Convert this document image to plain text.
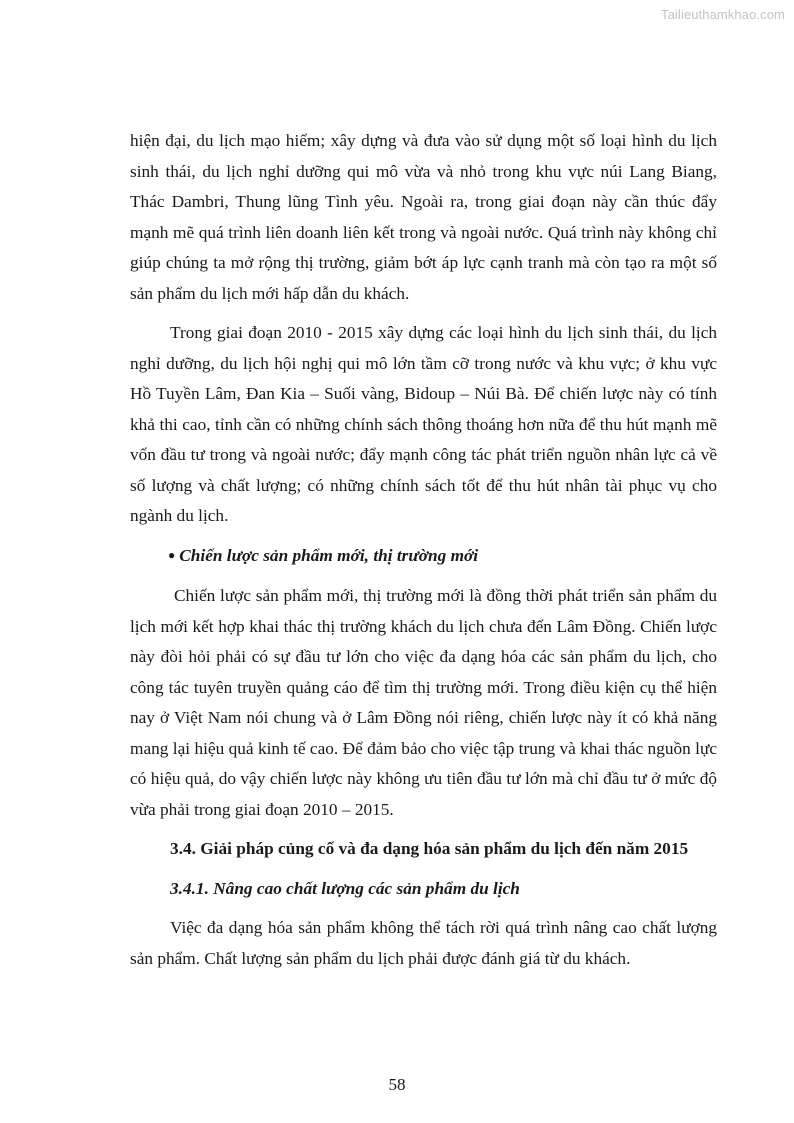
Tailieuthamkhao.com

hiện đại, du lịch mạo hiểm; xây dựng và đưa vào sử dụng một số loại hình du lịch sinh thái, du lịch nghỉ dưỡng qui mô vừa và nhỏ trong khu vực núi Lang Biang, Thác Dambri, Thung lũng Tình yêu. Ngoài ra, trong giai đoạn này cần thúc đẩy mạnh mẽ quá trình liên doanh liên kết trong và ngoài nước. Quá trình này không chỉ giúp chúng ta mở rộng thị trường, giảm bớt áp lực cạnh tranh mà còn tạo ra một số sản phẩm du lịch mới hấp dẫn du khách.

Trong giai đoạn 2010 - 2015 xây dựng các loại hình du lịch sinh thái, du lịch nghỉ dưỡng, du lịch hội nghị qui mô lớn tầm cỡ trong nước và khu vực; ở khu vực Hồ Tuyền Lâm, Đan Kia – Suối vàng, Bidoup – Núi Bà. Để chiến lược này có tính khả thi cao, tỉnh cần có những chính sách thông thoáng hơn nữa để thu hút mạnh mẽ vốn đầu tư trong và ngoài nước; đẩy mạnh công tác phát triển nguồn nhân lực cả về số lượng và chất lượng; có những chính sách tốt để thu hút nhân tài phục vụ cho ngành du lịch.

● Chiến lược sản phẩm mới, thị trường mới

Chiến lược sản phẩm mới, thị trường mới là đồng thời phát triển sản phẩm du lịch mới kết hợp khai thác thị trường khách du lịch chưa đến Lâm Đồng. Chiến lược này đòi hỏi phải có sự đầu tư lớn cho việc đa dạng hóa các sản phẩm du lịch, cho công tác tuyên truyền quảng cáo để tìm thị trường mới. Trong điều kiện cụ thể hiện nay ở Việt Nam nói chung và ở Lâm Đồng nói riêng, chiến lược này ít có khả năng mang lại hiệu quả kinh tế cao. Để đảm bảo cho việc tập trung và khai thác nguồn lực có hiệu quả, do vậy chiến lược này không ưu tiên đầu tư lớn mà chỉ đầu tư ở mức độ vừa phải trong giai đoạn 2010 – 2015.

3.4. Giải pháp củng cố và đa dạng hóa sản phẩm du lịch đến năm 2015

3.4.1. Nâng cao chất lượng các sản phẩm du lịch

Việc đa dạng hóa sản phẩm không thể tách rời quá trình nâng cao chất lượng sản phẩm. Chất lượng sản phẩm du lịch phải được đánh giá từ du khách.

58
